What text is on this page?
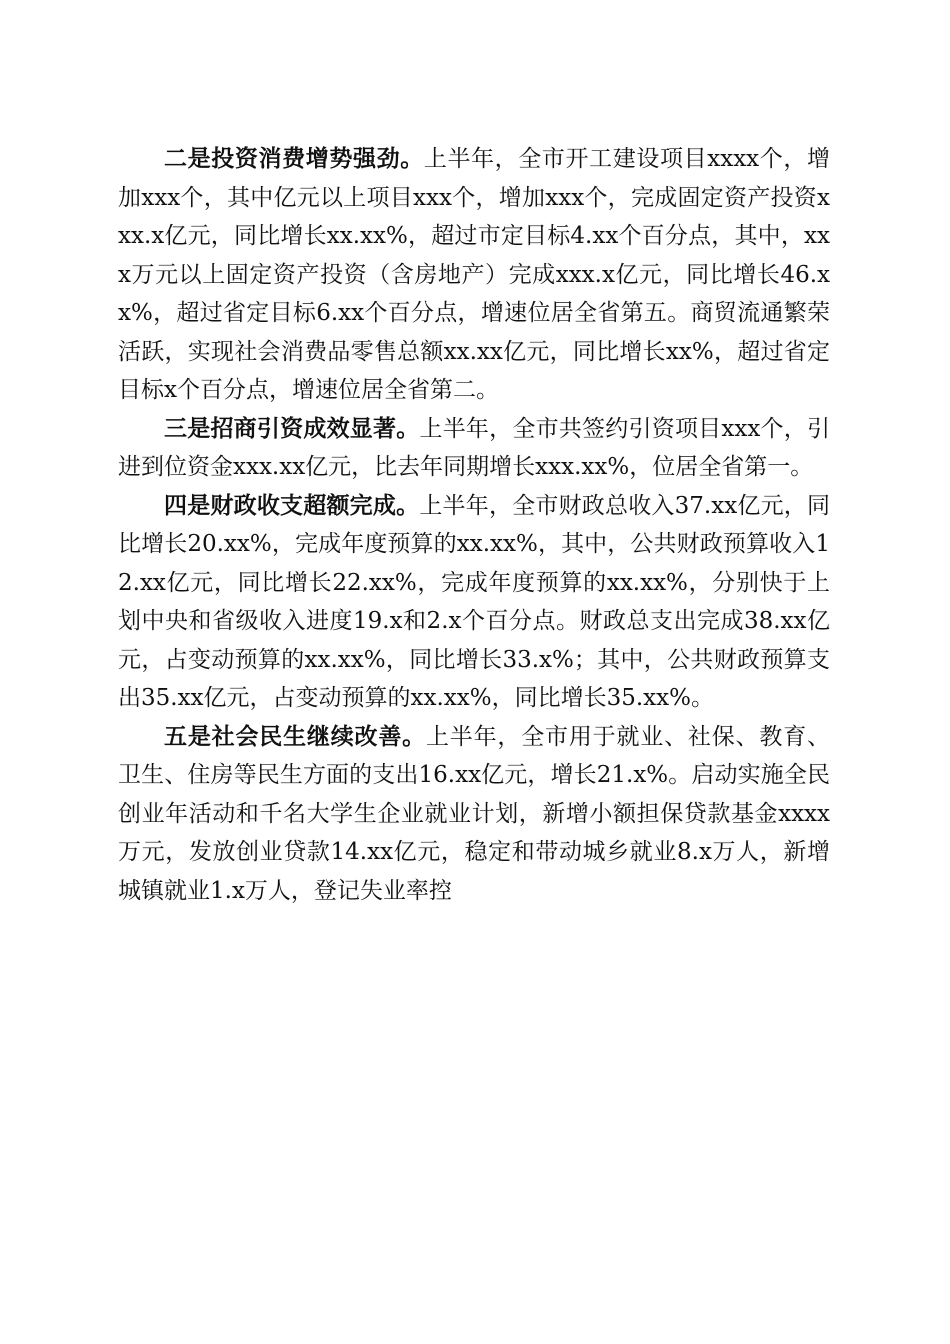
二是投资消费增势强劲。上半年，全市开工建设项目xxxx个，增加xxx个，其中亿元以上项目xxx个，增加xxx个，完成固定资产投资xxx.x亿元，同比增长xx.xx%，超过市定目标4.xx个百分点，其中，xxx万元以上固定资产投资（含房地产）完成xxx.x亿元，同比增长46.xx%，超过省定目标6.xx个百分点，增速位居全省第五。商贸流通繁荣活跃，实现社会消费品零售总额xx.xx亿元，同比增长xx%，超过省定目标x个百分点，增速位居全省第二。

三是招商引资成效显著。上半年，全市共签约引资项目xxx个，引进到位资金xxx.xx亿元，比去年同期增长xxx.xx%，位居全省第一。

四是财政收支超额完成。上半年，全市财政总收入37.xx亿元，同比增长20.xx%，完成年度预算的xx.xx%，其中，公共财政预算收入12.xx亿元，同比增长22.xx%，完成年度预算的xx.xx%，分别快于上划中央和省级收入进度19.x和2.x个百分点。财政总支出完成38.xx亿元，占变动预算的xx.xx%，同比增长33.x%；其中，公共财政预算支出35.xx亿元，占变动预算的xx.xx%，同比增长35.xx%。

五是社会民生继续改善。上半年，全市用于就业、社保、教育、卫生、住房等民生方面的支出16.xx亿元，增长21.x%。启动实施全民创业年活动和千名大学生企业就业计划，新增小额担保贷款基金xxxx万元，发放创业贷款14.xx亿元，稳定和带动城乡就业8.x万人，新增城镇就业1.x万人，登记失业率控
